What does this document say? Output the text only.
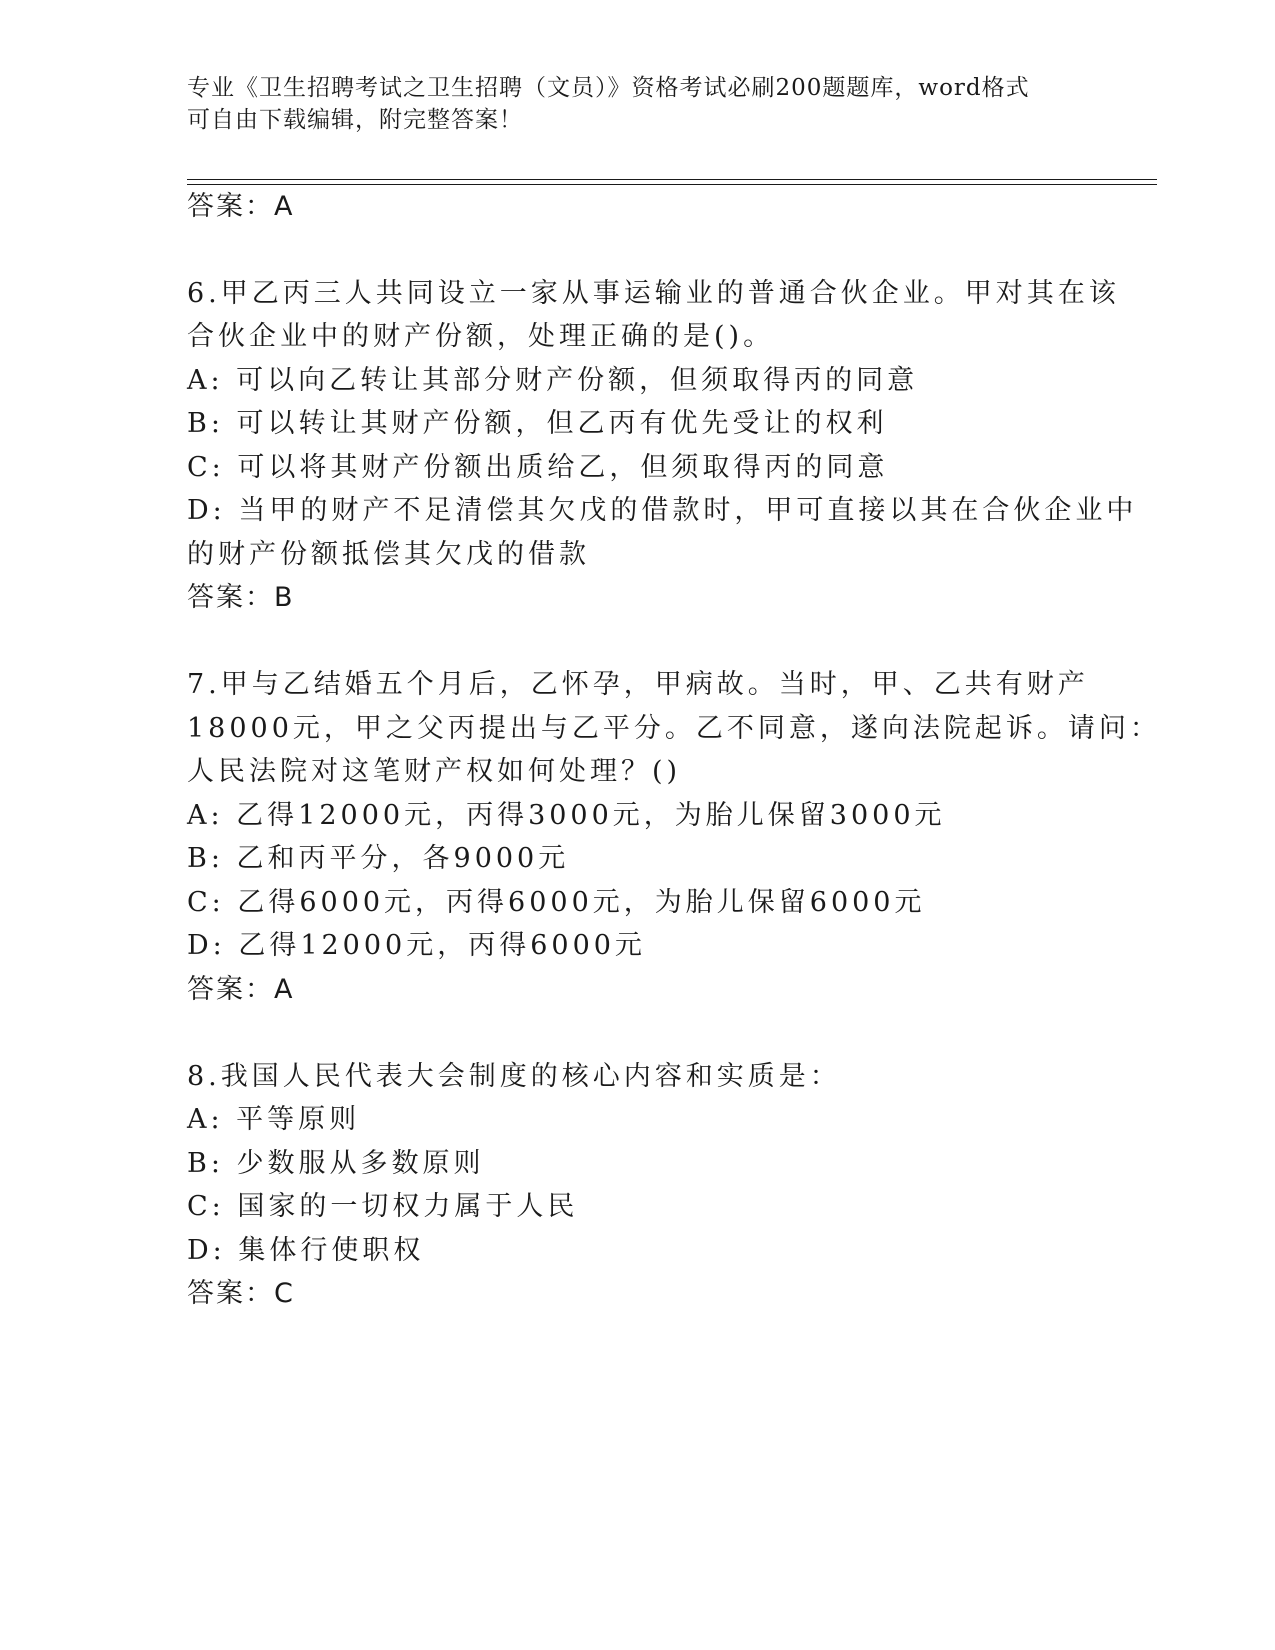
专业《卫生招聘考试之卫生招聘（文员）》资格考试必刷200题题库，word格式
可自由下载编辑，附完整答案！
答案：A
6.甲乙丙三人共同设立一家从事运输业的普通合伙企业。甲对其在该
合伙企业中的财产份额，处理正确的是()。
A: 可以向乙转让其部分财产份额，但须取得丙的同意
B: 可以转让其财产份额，但乙丙有优先受让的权利
C: 可以将其财产份额出质给乙，但须取得丙的同意
D: 当甲的财产不足清偿其欠戊的借款时，甲可直接以其在合伙企业中
的财产份额抵偿其欠戊的借款
答案：B
7.甲与乙结婚五个月后，乙怀孕，甲病故。当时，甲、乙共有财产
18000元，甲之父丙提出与乙平分。乙不同意，遂向法院起诉。请问：
人民法院对这笔财产权如何处理？()
A: 乙得12000元，丙得3000元，为胎儿保留3000元
B: 乙和丙平分，各9000元
C: 乙得6000元，丙得6000元，为胎儿保留6000元
D: 乙得12000元，丙得6000元
答案：A
8.我国人民代表大会制度的核心内容和实质是：
A: 平等原则
B: 少数服从多数原则
C: 国家的一切权力属于人民
D: 集体行使职权
答案：C
